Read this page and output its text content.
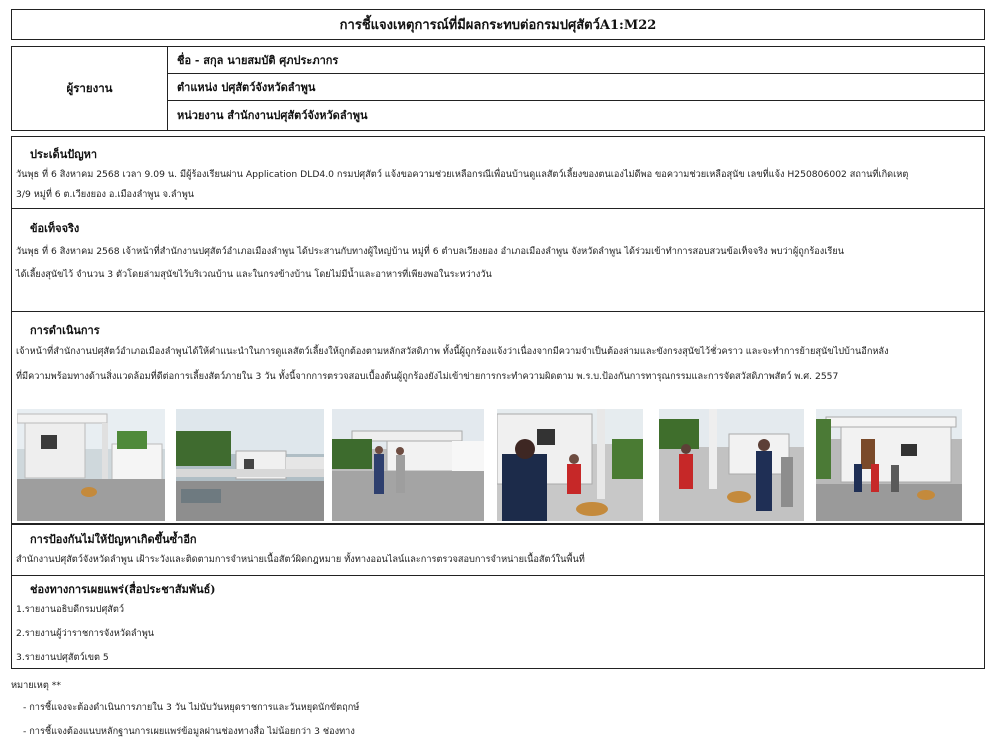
การชี้แจงเหตุการณ์ที่มีผลกระทบต่อกรมปศุสัตว์A1:M22
ผู้รายงาน
ชื่อ - สกุล นายสมบัติ ศุภประภากร
ตำแหน่ง ปศุสัตว์จังหวัดลำพูน
หน่วยงาน สำนักงานปศุสัตว์จังหวัดลำพูน
ประเด็นปัญหา
วันพุธ ที่ 6 สิงหาคม 2568 เวลา 9.09 น. มีผู้ร้องเรียนผ่าน Application DLD4.0 กรมปศุสัตว์ แจ้งขอความช่วยเหลือกรณีเพื่อนบ้านดูแลสัตว์เลี้ยงของตนเองไม่ดีพอ ขอความช่วยเหลือสุนัข เลขที่แจ้ง H250806002 สถานที่เกิดเหตุ
3/9 หมู่ที่ 6 ต.เวียงยอง อ.เมืองลำพูน จ.ลำพูน
ข้อเท็จจริง
วันพุธ ที่ 6 สิงหาคม 2568 เจ้าหน้าที่สำนักงานปศุสัตว์อำเภอเมืองลำพูน ได้ประสานกับทางผู้ใหญ่บ้าน หมู่ที่ 6 ตำบลเวียงยอง อำเภอเมืองลำพูน จังหวัดลำพูน ได้ร่วมเข้าทำการสอบสวนข้อเท็จจริง พบว่าผู้ถูกร้องเรียน
ได้เลี้ยงสุนัขไว้ จำนวน 3 ตัวโดยล่ามสุนัขไว้บริเวณบ้าน และในกรงข้างบ้าน โดยไม่มีน้ำและอาหารที่เพียงพอในระหว่างวัน
การดำเนินการ
เจ้าหน้าที่สำนักงานปศุสัตว์อำเภอเมืองลำพูนได้ให้คำแนะนำในการดูแลสัตว์เลี้ยงให้ถูกต้องตามหลักสวัสดิภาพ ทั้งนี้ผู้ถูกร้องแจ้งว่าเนื่องจากมีความจำเป็นต้องล่ามและขังกรงสุนัขไว้ชั่วคราว และจะทำการย้ายสุนัขไปบ้านอีกหลัง
ที่มีความพร้อมทางด้านสิ่งแวดล้อมที่ดีต่อการเลี้ยงสัตว์ภายใน 3 วัน ทั้งนี้จากการตรวจสอบเบื้องต้นผู้ถูกร้องยังไม่เข้าข่ายการกระทำความผิดตาม พ.ร.บ.ป้องกันการทารุณกรรมและการจัดสวัสดิภาพสัตว์ พ.ศ. 2557
การป้องกันไม่ให้ปัญหาเกิดขึ้นซ้ำอีก
สำนักงานปศุสัตว์จังหวัดลำพูน เฝ้าระวังและติดตามการจำหน่ายเนื้อสัตว์ผิดกฎหมาย ทั้งทางออนไลน์และการตรวจสอบการจำหน่ายเนื้อสัตว์ในพื้นที่
ช่องทางการเผยแพร่(สื่อประชาสัมพันธ์)
1.รายงานอธิบดีกรมปศุสัตว์
2.รายงานผู้ว่าราชการจังหวัดลำพูน
3.รายงานปศุสัตว์เขต 5
หมายเหตุ **
- การชี้แจงจะต้องดำเนินการภายใน 3 วัน ไม่นับวันหยุดราชการและวันหยุดนักขัตฤกษ์
- การชี้แจงต้องแนบหลักฐานการเผยแพร่ข้อมูลผ่านช่องทางสื่อ ไม่น้อยกว่า 3 ช่องทาง
